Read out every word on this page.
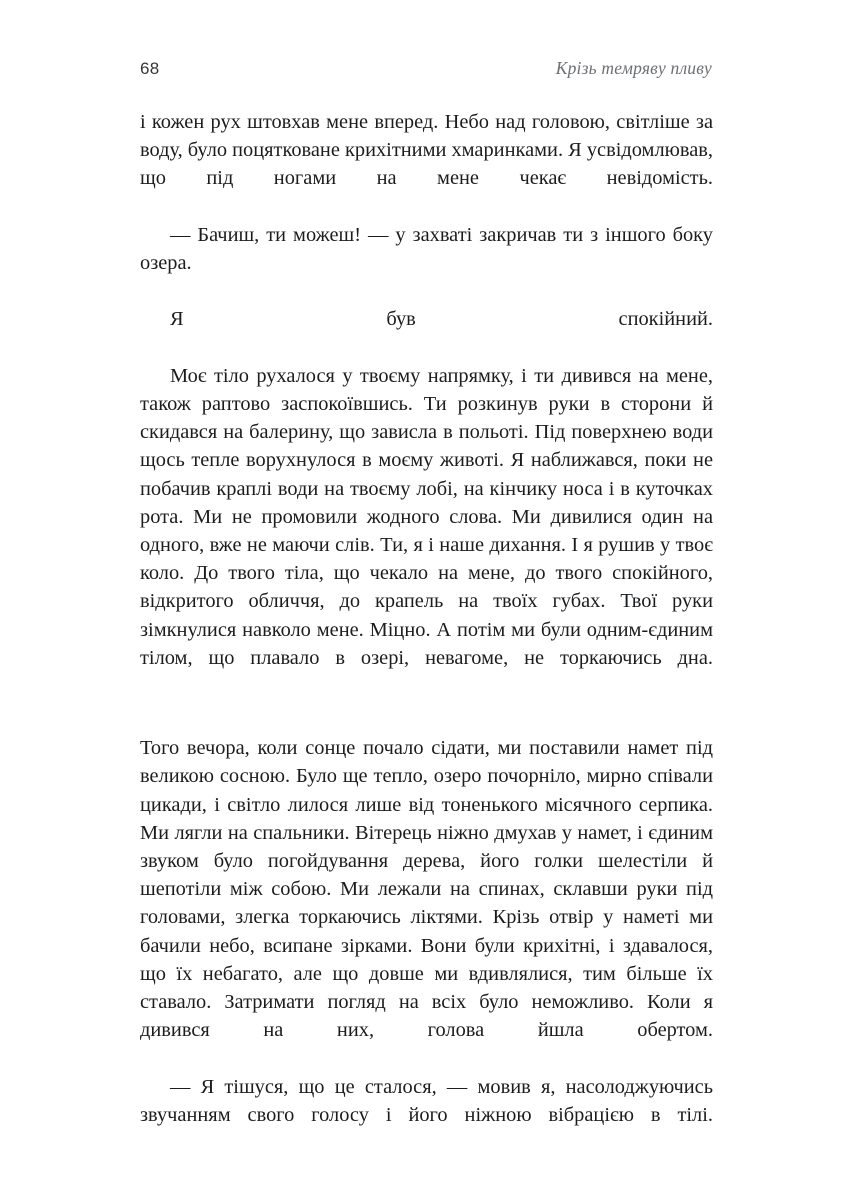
68	Крізь темряву пливу

і кожен рух штовхав мене вперед. Небо над головою, світліше за воду, було поцятковане крихітними хмаринками. Я усвідомлював, що під ногами на мене чекає невідомість.

— Бачиш, ти можеш! — у захваті закричав ти з іншого боку озера.

Я був спокійний.

Моє тіло рухалося у твоєму напрямку, і ти дивився на мене, також раптово заспокоївшись. Ти розкинув руки в сторони й скидався на балерину, що зависла в польоті. Під поверхнею води щось тепле ворухнулося в моєму животі. Я наближався, поки не побачив краплі води на твоєму лобі, на кінчику носа і в куточках рота. Ми не промовили жодного слова. Ми дивилися один на одного, вже не маючи слів. Ти, я і наше дихання. І я рушив у твоє коло. До твого тіла, що чекало на мене, до твого спокійного, відкритого обличчя, до крапель на твоїх губах. Твої руки зімкнулися навколо мене. Міцно. А потім ми були одним-єдиним тілом, що плавало в озері, невагоме, не торкаючись дна.

Того вечора, коли сонце почало сідати, ми поставили намет під великою сосною. Було ще тепло, озеро почорніло, мирно співали цикади, і світло лилося лише від тоненького місячного серпика. Ми лягли на спальники. Вітерець ніжно дмухав у намет, і єдиним звуком було погойдування дерева, його голки шелестіли й шепотіли між собою. Ми лежали на спинах, склавши руки під головами, злегка торкаючись ліктями. Крізь отвір у наметі ми бачили небо, всипане зірками. Вони були крихітні, і здавалося, що їх небагато, але що довше ми вдивлялися, тим більше їх ставало. Затримати погляд на всіх було неможливо. Коли я дивився на них, голова йшла обертом.

— Я тішуся, що це сталося, — мовив я, насолоджуючись звучанням свого голосу і його ніжною вібрацією в тілі.
